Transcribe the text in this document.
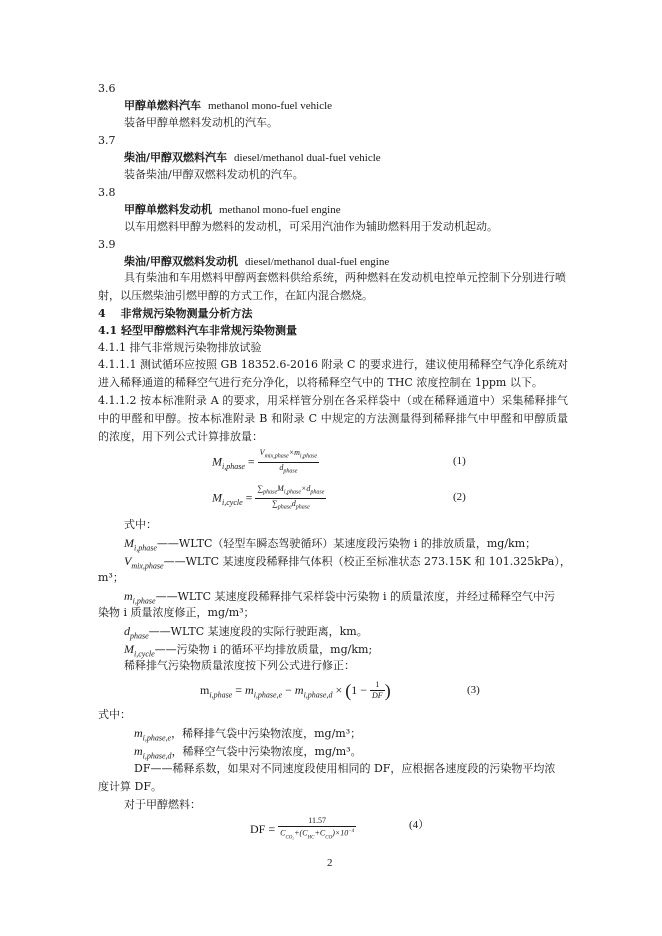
3.6
甲醇单燃料汽车 methanol mono-fuel vehicle
装备甲醇单燃料发动机的汽车。
3.7
柴油/甲醇双燃料汽车 diesel/methanol dual-fuel vehicle
装备柴油/甲醇双燃料发动机的汽车。
3.8
甲醇单燃料发动机 methanol mono-fuel engine
以车用燃料甲醇为燃料的发动机，可采用汽油作为辅助燃料用于发动机起动。
3.9
柴油/甲醇双燃料发动机 diesel/methanol dual-fuel engine
具有柴油和车用燃料甲醇两套燃料供给系统，两种燃料在发动机电控单元控制下分别进行喷射，以压燃柴油引燃甲醇的方式工作，在缸内混合燃烧。
4　 非常规污染物测量分析方法
4.1 轻型甲醇燃料汽车非常规污染物测量
4.1.1 排气非常规污染物排放试验
4.1.1.1 测试循环应按照 GB 18352.6-2016 附录 C 的要求进行，建议使用稀释空气净化系统对进入稀释通道的稀释空气进行充分净化，以将稀释空气中的 THC 浓度控制在 1ppm 以下。
4.1.1.2 按本标准附录 A 的要求，用采样管分别在各采样袋中（或在稀释通道中）采集稀释排气中的甲醛和甲醇。按本标准附录 B 和附录 C 中规定的方法测量得到稀释排气中甲醛和甲醇质量的浓度，用下列公式计算排放量：
$M_{i,phase} = \frac{V_{mix,phase}\times m_{i,phase}}{d_{phase}}$	(1)
$M_{i,cycle} = \frac{\sum_{phase}M_{i,phase}\times d_{phase}}{\sum_{phase}d_{phase}}$	(2)
式中：
$M_{i,phase}——WLTC$（轻型车瞬态驾驶循环）某速度段污染物 i 的排放质量，mg/km；
$V_{mix,phase}——WLTC$ 某速度段稀释排气体积（校正至标准状态 273.15K 和 101.325kPa），
m³；
$m_{i,phase}——WLTC$ 某速度段稀释排气采样袋中污染物 i 的质量浓度，并经过稀释空气中污
染物 i 质量浓度修正，mg/m³；
$d_{phase}——WLTC$ 某速度段的实际行驶距离，km。
$M_{i,cycle}——$污染物 i 的循环平均排放质量，mg/km;
稀释排气污染物质量浓度按下列公式进行修正：
$m_{i,phase} = m_{i,phase,e} - m_{i,phase,d} \times (1 - \frac{1}{DF}$ )	(3)
式中：
$m_{i,phase,e}$，稀释排气袋中污染物浓度，mg/m³；
$m_{i,phase,d}$，稀释空气袋中污染物浓度，mg/m³。
DF——稀释系数，如果对不同速度段使用相同的 DF，应根据各速度段的污染物平均浓
度计算 DF。
对于甲醇燃料：
DF = $\frac{11.57}{C_{CO_2}+(C_{HC}+C_{CO})\times 10^{-4}}$	(4）
2
